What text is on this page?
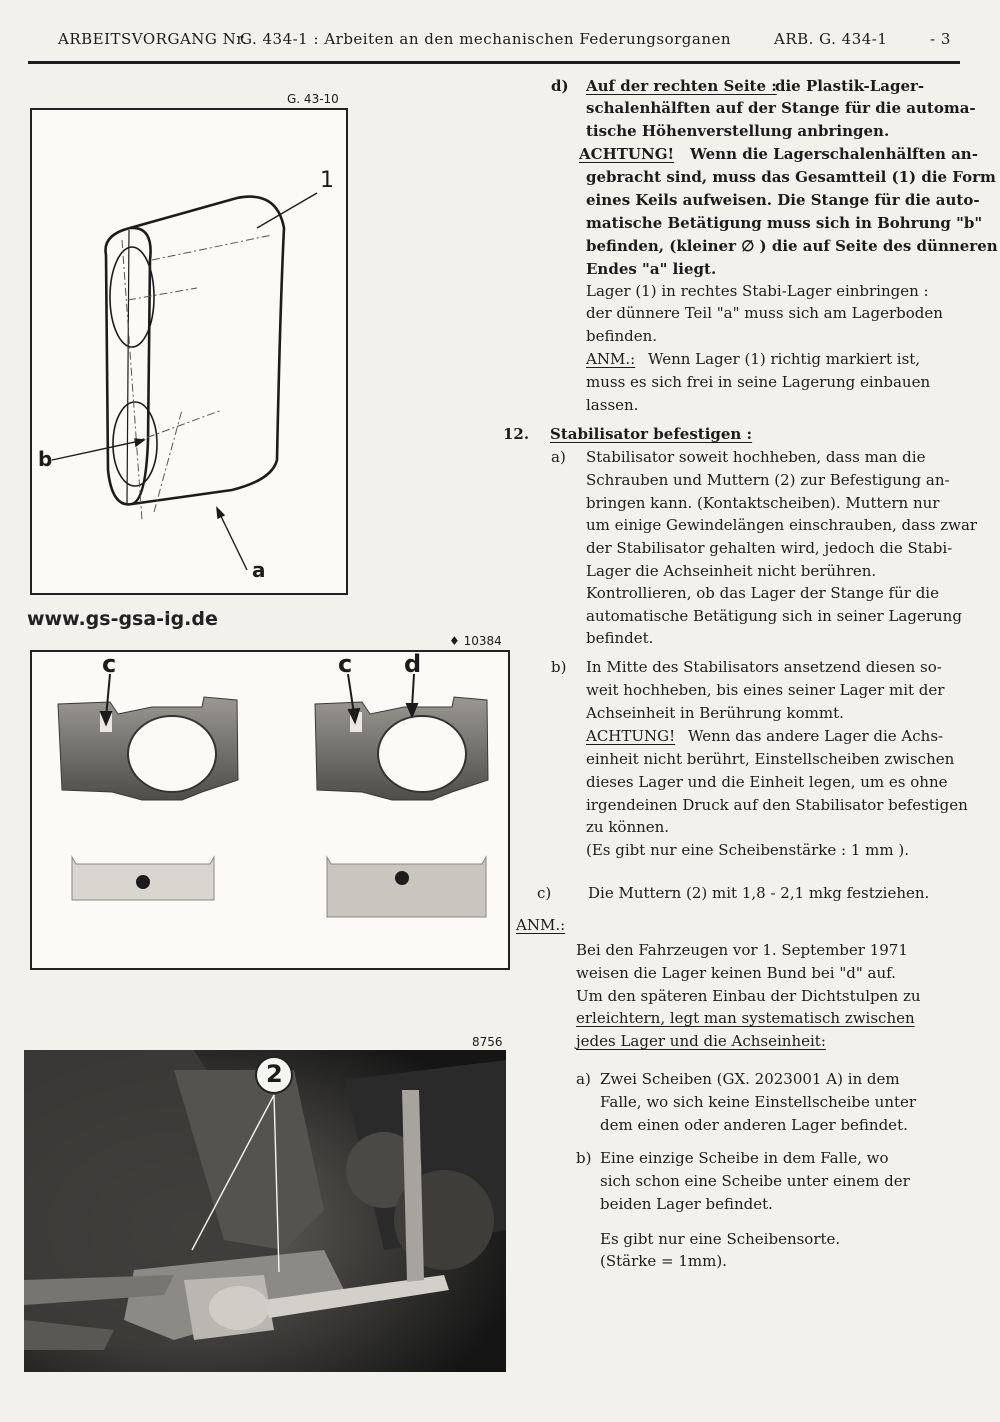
ARBEITSVORGANG Nr.
G. 434-1 : Arbeiten an den mechanischen Federungsorganen	ARB. G. 434-1	- 3
G. 43-10
1
b
a
www.gs-gsa-ig.de
♦ 10384
c	c d
8756
2
d) Auf der rechten Seite :
die Plastik-Lager-
schalenhälften auf der Stange für die automa-
tische Höhenverstellung anbringen.
ACHTUNG! Wenn die Lagerschalenhälften an-
gebracht sind, muss das Gesamtteil (1) die Form
eines Keils aufweisen. Die Stange für die auto-
matische Betätigung muss sich in Bohrung "b"
befinden, (kleiner ∅ ) die auf Seite des dünneren
Endes "a" liegt.
Lager (1) in rechtes Stabi-Lager einbringen :
der dünnere Teil "a" muss sich am Lagerboden
befinden.
ANM.: Wenn Lager (1) richtig markiert ist,
muss es sich frei in seine Lagerung einbauen
lassen.
12. Stabilisator befestigen :
a) Stabilisator soweit hochheben, dass man die
Schrauben und Muttern (2) zur Befestigung an-
bringen kann. (Kontaktscheiben). Muttern nur
um einige Gewindelängen einschrauben, dass zwar
der Stabilisator gehalten wird, jedoch die Stabi-
Lager die Achseinheit nicht berühren.
Kontrollieren, ob das Lager der Stange für die
automatische Betätigung sich in seiner Lagerung
befindet.
b) In Mitte des Stabilisators ansetzend diesen so-
weit hochheben, bis eines seiner Lager mit der
Achseinheit in Berührung kommt.
ACHTUNG! Wenn das andere Lager die Achs-
einheit nicht berührt, Einstellscheiben zwischen
dieses Lager und die Einheit legen, um es ohne
irgendeinen Druck auf den Stabilisator befestigen
zu können.
(Es gibt nur eine Scheibenstärke : 1 mm ).
c) Die Muttern (2) mit 1,8 - 2,1 mkg festziehen.
ANM.:
Bei den Fahrzeugen vor 1. September 1971
weisen die Lager keinen Bund bei "d" auf.
Um den späteren Einbau der Dichtstulpen zu
erleichtern, legt man systematisch zwischen
jedes Lager und die Achseinheit:
a) Zwei Scheiben (GX. 2023001 A) in dem
Falle, wo sich keine Einstellscheibe unter
dem einen oder anderen Lager befindet.
b) Eine einzige Scheibe in dem Falle, wo
sich schon eine Scheibe unter einem der
beiden Lager befindet.
Es gibt nur eine Scheibensorte.
(Stärke = 1mm).
